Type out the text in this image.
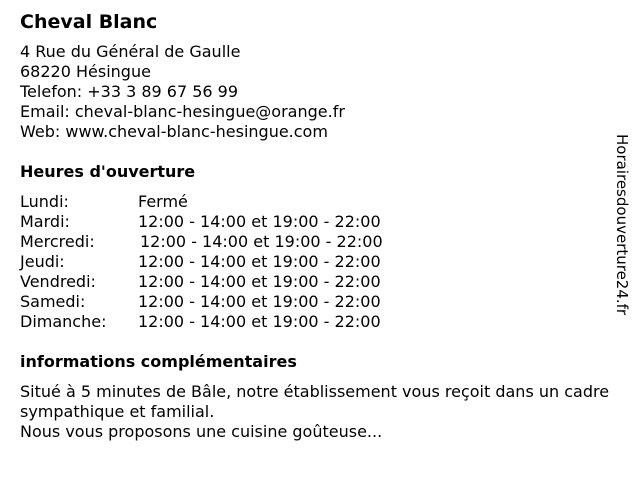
Cheval Blanc
4 Rue du Général de Gaulle
68220 Hésingue
Telefon: +33 3 89 67 56 99
Email: cheval-blanc-hesingue@orange.fr
Web: www.cheval-blanc-hesingue.com
Heures d'ouverture
Lundi:	Fermé
Mardi:	12:00 - 14:00 et 19:00 - 22:00
Mercredi:	12:00 - 14:00 et 19:00 - 22:00
Jeudi:	12:00 - 14:00 et 19:00 - 22:00
Vendredi:	12:00 - 14:00 et 19:00 - 22:00
Samedi:	12:00 - 14:00 et 19:00 - 22:00
Dimanche:	12:00 - 14:00 et 19:00 - 22:00
informations complémentaires
Situé à 5 minutes de Bâle, notre établissement vous reçoit dans un cadre sympathique et familial.
Nous vous proposons une cuisine goûteuse...
Horairesdouverture24.fr
